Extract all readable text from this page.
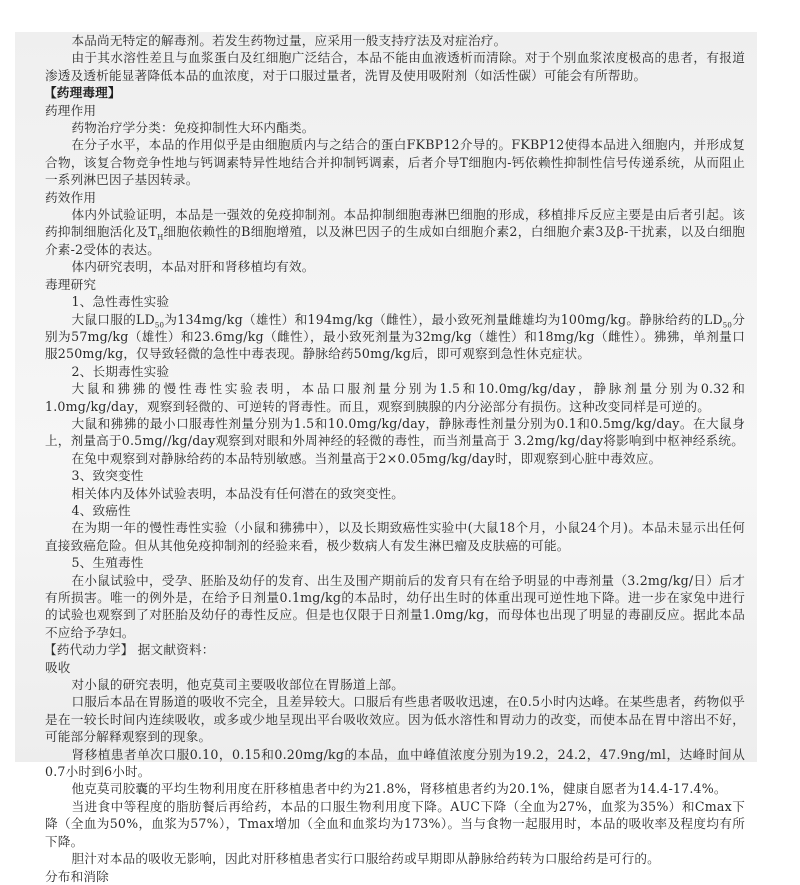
本品尚无特定的解毒剂。若发生药物过量，应采用一般支持疗法及对症治疗。

由于其水溶性差且与血浆蛋白及红细胞广泛结合，本品不能由血液透析而清除。对于个别血浆浓度极高的患者，有报道渗透及透析能显著降低本品的血浓度，对于口服过量者，洗胃及使用吸附剂（如活性碳）可能会有所帮助。

【药理毒理】

药理作用

药物治疗学分类：免疫抑制性大环内酯类。

在分子水平，本品的作用似乎是由细胞质内与之结合的蛋白FKBP12介导的。FKBP12使得本品进入细胞内，并形成复合物，该复合物竞争性地与钙调素特异性地结合并抑制钙调素，后者介导T细胞内-钙依赖性抑制性信号传递系统，从而阻止一系列淋巴因子基因转录。

药效作用

体内外试验证明，本品是一强效的免疫抑制剂。本品抑制细胞毒淋巴细胞的形成，移植排斥反应主要是由后者引起。该药抑制细胞活化及$T_H$细胞依赖性的B细胞增殖，以及淋巴因子的生成如白细胞介素2，白细胞介素3及β-干扰素，以及白细胞介素-2受体的表达。

体内研究表明，本品对肝和肾移植均有效。

毒理研究

1、急性毒性实验

大鼠口服的$LD_{50}$为134mg/kg（雄性）和194mg/kg（雌性），最小致死剂量雌雄均为100mg/kg。静脉给药的$LD_{50}$分别为57mg/kg（雄性）和23.6mg/kg（雌性），最小致死剂量为32mg/kg（雄性）和18mg/kg（雌性）。狒狒，单剂量口服250mg/kg，仅导致轻微的急性中毒表现。静脉给药50mg/kg后，即可观察到急性休克症状。

2、长期毒性实验

大鼠和狒狒的慢性毒性实验表明，本品口服剂量分别为1.5和10.0mg/kg/day，静脉剂量分别为0.32和1.0mg/kg/day，观察到轻微的、可逆转的肾毒性。而且，观察到胰腺的内分泌部分有损伤。这种改变同样是可逆的。

大鼠和狒狒的最小口服毒性剂量分别为1.5和10.0mg/kg/day，静脉毒性剂量分别为0.1和0.5mg/kg/day。在大鼠身上，剂量高于0.5mg//kg/day观察到对眼和外周神经的轻微的毒性，而当剂量高于 3.2mg/kg/day将影响到中枢神经系统。

在兔中观察到对静脉给药的本品特别敏感。当剂量高于2×0.05mg/kg/day时，即观察到心脏中毒效应。

3、致突变性

相关体内及体外试验表明，本品没有任何潜在的致突变性。

4、致癌性

在为期一年的慢性毒性实验（小鼠和狒狒中），以及长期致癌性实验中(大鼠18个月，小鼠24个月)。本品未显示出任何直接致癌危险。但从其他免疫抑制剂的经验来看，极少数病人有发生淋巴瘤及皮肤癌的可能。

5、生殖毒性

在小鼠试验中，受孕、胚胎及幼仔的发育、出生及围产期前后的发育只有在给予明显的中毒剂量（3.2mg/kg/日）后才有所损害。唯一的例外是，在给予日剂量0.1mg/kg的本品时，幼仔出生时的体重出现可逆性地下降。进一步在家兔中进行的试验也观察到了对胚胎及幼仔的毒性反应。但是也仅限于日剂量1.0mg/kg，而母体也出现了明显的毒副反应。据此本品不应给予孕妇。

【药代动力学】 据文献资料：

吸收

对小鼠的研究表明，他克莫司主要吸收部位在胃肠道上部。

口服后本品在胃肠道的吸收不完全，且差异较大。口服后有些患者吸收迅速，在0.5小时内达峰。在某些患者，药物似乎是在一较长时间内连续吸收，或多或少地呈现出平台吸收效应。因为低水溶性和胃动力的改变，而使本品在胃中溶出不好，可能部分解释观察到的现象。

肾移植患者单次口服0.10，0.15和0.20mg/kg的本品，血中峰值浓度分别为19.2，24.2，47.9ng/ml，达峰时间从0.7小时到6小时。

他克莫司胶囊的平均生物利用度在肝移植患者中约为21.8%，肾移植患者约为20.1%，健康自愿者为14.4-17.4%。

当进食中等程度的脂肪餐后再给药，本品的口服生物利用度下降。AUC下降（全血为27%，血浆为35%）和Cmax下降（全血为50%，血浆为57%），Tmax增加（全血和血浆均为173%）。当与食物一起服用时，本品的吸收率及程度均有所下降。

胆汁对本品的吸收无影响，因此对肝移植患者实行口服给药或早期即从静脉给药转为口服给药是可行的。

分布和消除
